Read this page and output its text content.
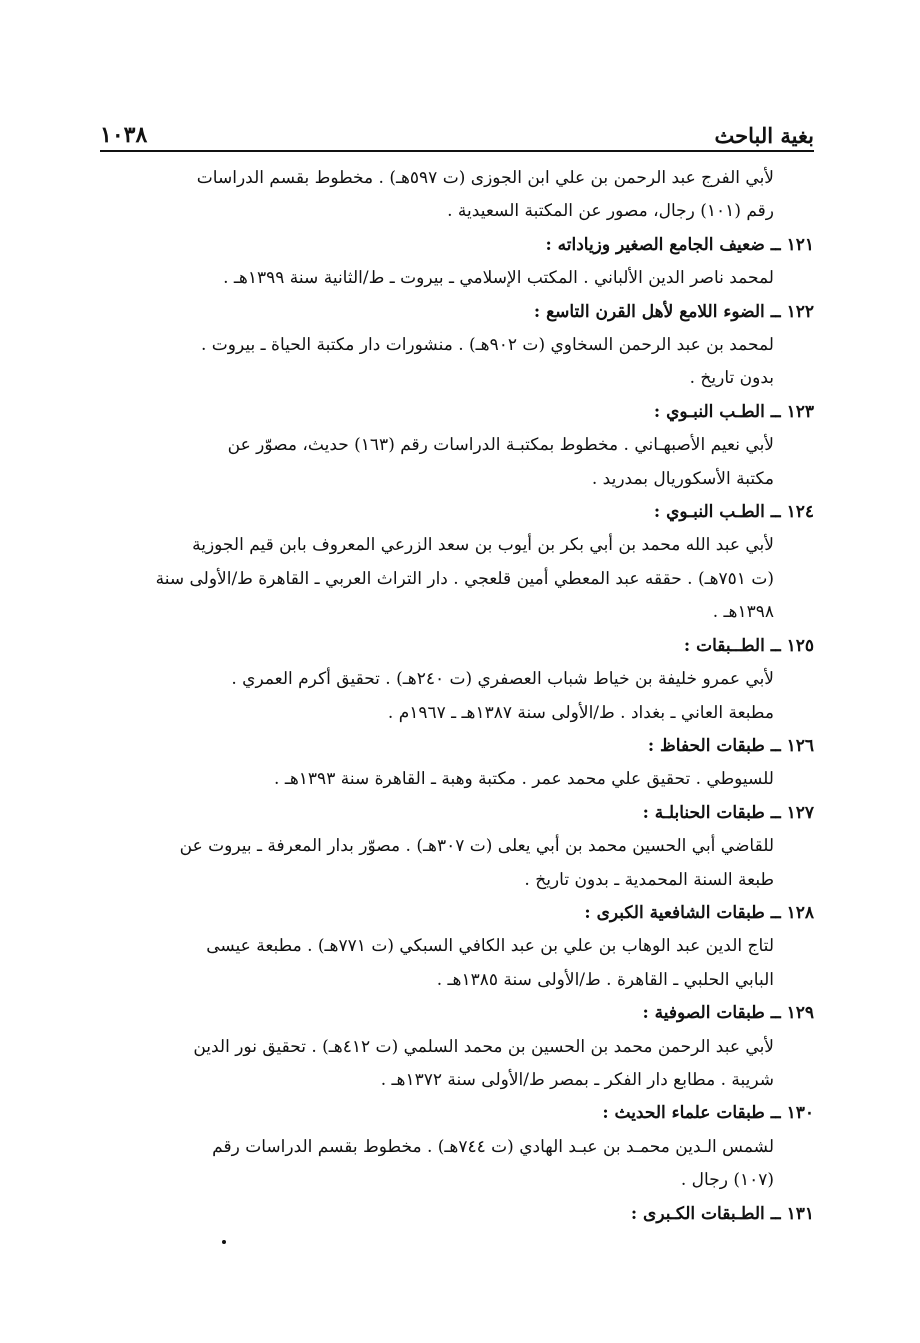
بغية الباحث
١٠٣٨
لأبي الفرج عبد الرحمن بن علي ابن الجوزى (ت ٥٩٧هـ) . مخطوط بقسم الدراسات
رقم (١٠١) رجال، مصور عن المكتبة السعيدية .

١٢١ ــ ضعيف الجامع الصغير وزياداته :

لمحمد ناصر الدين الألباني . المكتب الإسلامي ـ بيروت ـ ط/الثانية سنة ١٣٩٩هـ .

١٢٢ ــ الضوء اللامع لأهل القرن التاسع :

لمحمد بن عبد الرحمن السخاوي (ت ٩٠٢هـ) . منشورات دار مكتبة الحياة ـ بيروت .
بدون تاريخ .

١٢٣ ــ الطـب النبـوي :

لأبي نعيم الأصبهـاني . مخطوط بمكتبـة الدراسات رقم (١٦٣) حديث، مصوّر عن
مكتبة الأسكوريال بمدريد .

١٢٤ ــ الطـب النبـوي :

لأبي عبد الله محمد بن أبي بكر بن أيوب بن سعد الزرعي المعروف بابن قيم الجوزية
(ت ٧٥١هـ) . حققه عبد المعطي أمين قلعجي . دار التراث العربي ـ القاهرة ط/الأولى سنة
١٣٩٨هـ .

١٢٥ ــ الطــبقات :

لأبي عمرو خليفة بن خياط شباب العصفري (ت ٢٤٠هـ) . تحقيق أكرم العمري .
مطبعة العاني ـ بغداد . ط/الأولى سنة ١٣٨٧هـ ـ ١٩٦٧م .

١٢٦ ــ طبقات الحفاظ :

للسيوطي . تحقيق علي محمد عمر . مكتبة وهبة ـ القاهرة سنة ١٣٩٣هـ .

١٢٧ ــ طبقات الحنابلـة :

للقاضي أبي الحسين محمد بن أبي يعلى (ت ٣٠٧هـ) . مصوّر بدار المعرفة ـ بيروت عن
طبعة السنة المحمدية ـ بدون تاريخ .

١٢٨ ــ طبقات الشافعية الكبرى :

لتاج الدين عبد الوهاب بن علي بن عبد الكافي السبكي (ت ٧٧١هـ) . مطبعة عيسى
البابي الحلبي ـ القاهرة . ط/الأولى سنة ١٣٨٥هـ .

١٢٩ ــ طبقات الصوفية :

لأبي عبد الرحمن محمد بن الحسين بن محمد السلمي (ت ٤١٢هـ) . تحقيق نور الدين
شريبة . مطابع دار الفكر ـ بمصر ط/الأولى سنة ١٣٧٢هـ .

١٣٠ ــ طبقات علماء الحديث :

لشمس الـدين محمـد بن عبـد الهادي (ت ٧٤٤هـ) . مخطوط بقسم الدراسات رقم
(١٠٧) رجال .

١٣١ ــ الطـبقات الكـبرى :
